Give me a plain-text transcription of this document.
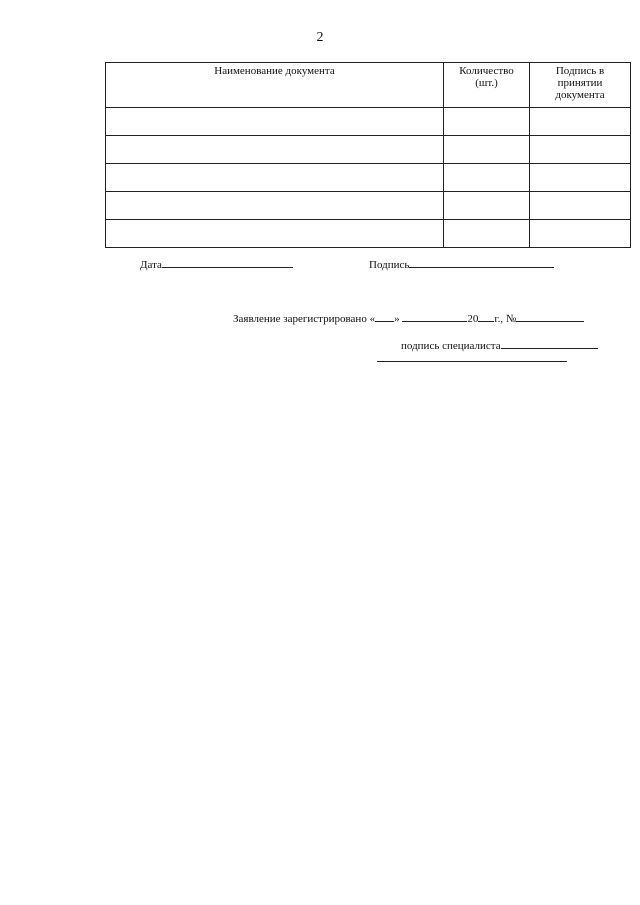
2
Наименование документа	Количество (шт.)	Подпись в принятии документа

Дата	Подпись
Заявление зарегистрировано « »	20 г., №
подпись специалиста
